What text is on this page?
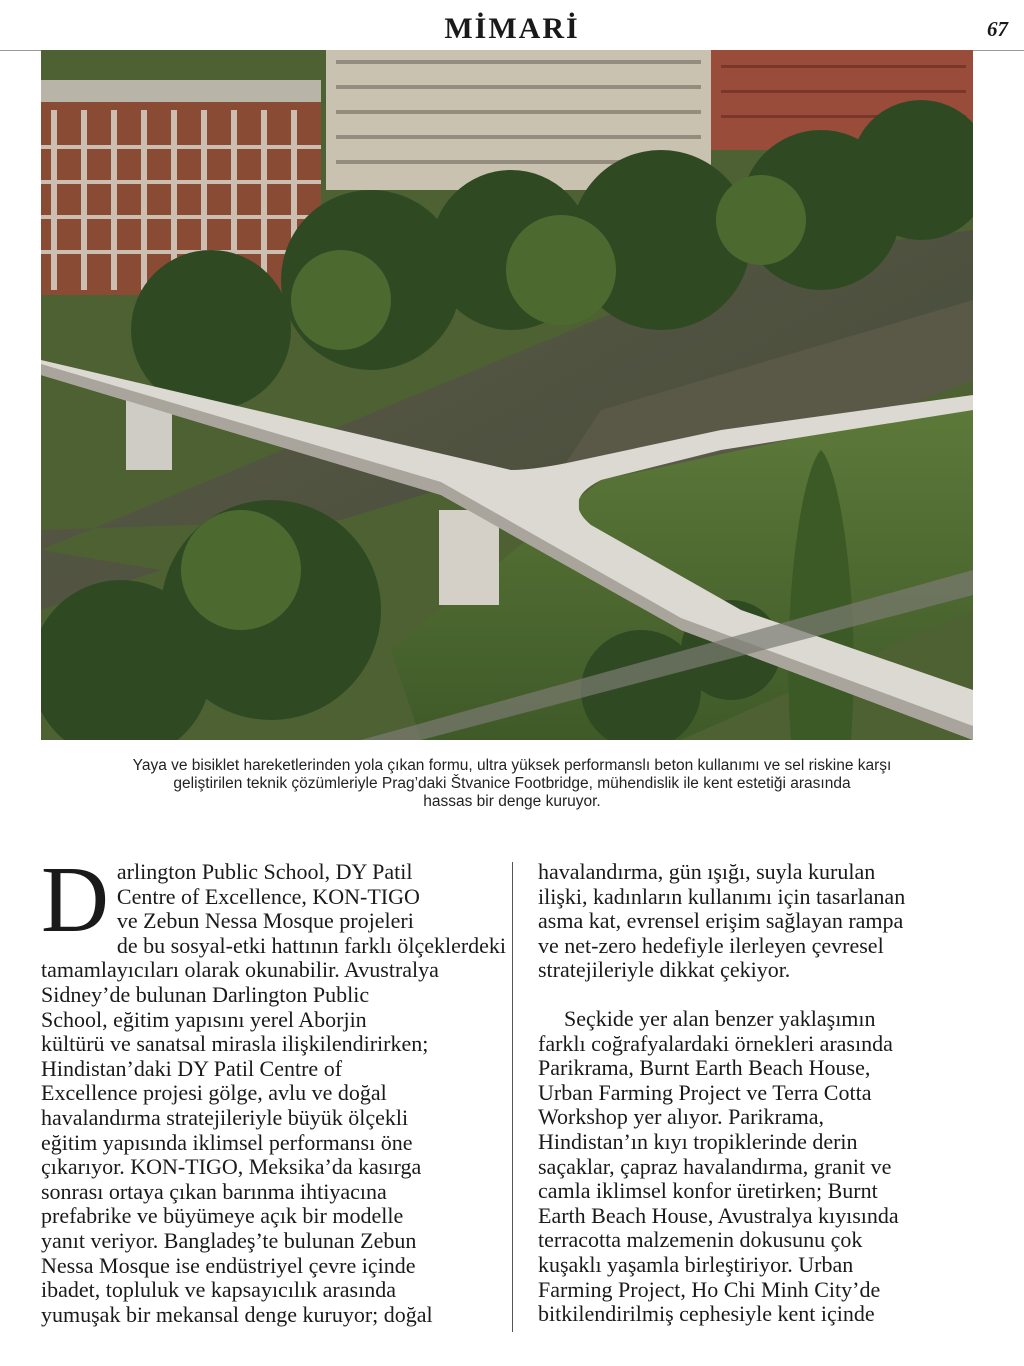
MİMARİ	67
Yaya ve bisiklet hareketlerinden yola çıkan formu, ultra yüksek performanslı beton kullanımı ve sel riskine karşı
geliştirilen teknik çözümleriyle Prag’daki Štvanice Footbridge, mühendislik ile kent estetiği arasında
hassas bir denge kuruyor.
D arlington Public School, DY Patil
Centre of Excellence, KON-TIGO
ve Zebun Nessa Mosque projeleri
de bu sosyal-etki hattının farklı ölçeklerdeki
tamamlayıcıları olarak okunabilir. Avustralya
Sidney’de bulunan Darlington Public
School, eğitim yapısını yerel Aborjin
kültürü ve sanatsal mirasla ilişkilendirirken;
Hindistan’daki DY Patil Centre of
Excellence projesi gölge, avlu ve doğal
havalandırma stratejileriyle büyük ölçekli
eğitim yapısında iklimsel performansı öne
çıkarıyor. KON-TIGO, Meksika’da kasırga
sonrası ortaya çıkan barınma ihtiyacına
prefabrike ve büyümeye açık bir modelle
yanıt veriyor. Bangladeş’te bulunan Zebun
Nessa Mosque ise endüstriyel çevre içinde
ibadet, topluluk ve kapsayıcılık arasında
yumuşak bir mekansal denge kuruyor; doğal
havalandırma, gün ışığı, suyla kurulan
ilişki, kadınların kullanımı için tasarlanan
asma kat, evrensel erişim sağlayan rampa
ve net-zero hedefiyle ilerleyen çevresel
stratejileriyle dikkat çekiyor.
Seçkide yer alan benzer yaklaşımın
farklı coğrafyalardaki örnekleri arasında
Parikrama, Burnt Earth Beach House,
Urban Farming Project ve Terra Cotta
Workshop yer alıyor. Parikrama,
Hindistan’ın kıyı tropiklerinde derin
saçaklar, çapraz havalandırma, granit ve
camla iklimsel konfor üretirken; Burnt
Earth Beach House, Avustralya kıyısında
terracotta malzemenin dokusunu çok
kuşaklı yaşamla birleştiriyor. Urban
Farming Project, Ho Chi Minh City’de
bitkilendirilmiş cephesiyle kent içinde
